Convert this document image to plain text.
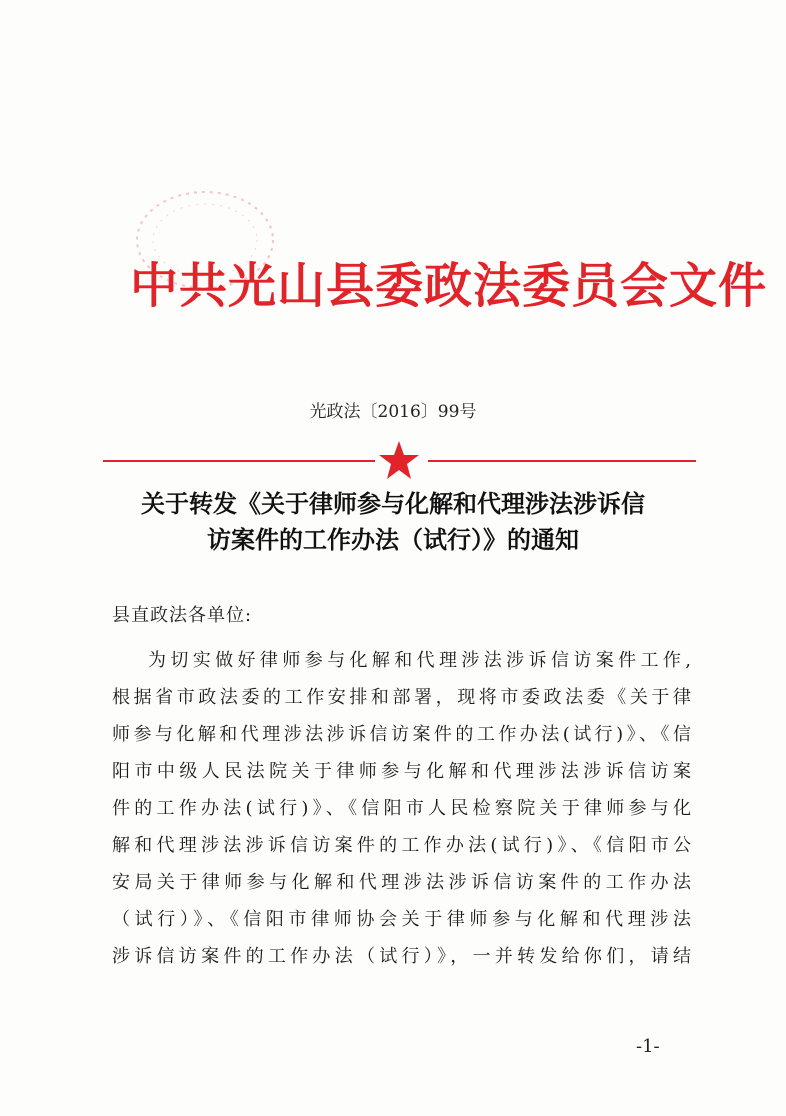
中共光山县委政法委员会文件
光政法〔2016〕99号
关于转发《关于律师参与化解和代理涉法涉诉信
访案件的工作办法（试行）》的通知
县直政法各单位:
为切实做好律师参与化解和代理涉法涉诉信访案件工作,
根据省市政法委的工作安排和部署，现将市委政法委《关于律
师参与化解和代理涉法涉诉信访案件的工作办法(试行)》、《信
阳市中级人民法院关于律师参与化解和代理涉法涉诉信访案
件的工作办法(试行)》、《信阳市人民检察院关于律师参与化
解和代理涉法涉诉信访案件的工作办法(试行)》、《信阳市公
安局关于律师参与化解和代理涉法涉诉信访案件的工作办法
（试行）》、《信阳市律师协会关于律师参与化解和代理涉法
涉诉信访案件的工作办法（试行）》，一并转发给你们，请结
-1-
